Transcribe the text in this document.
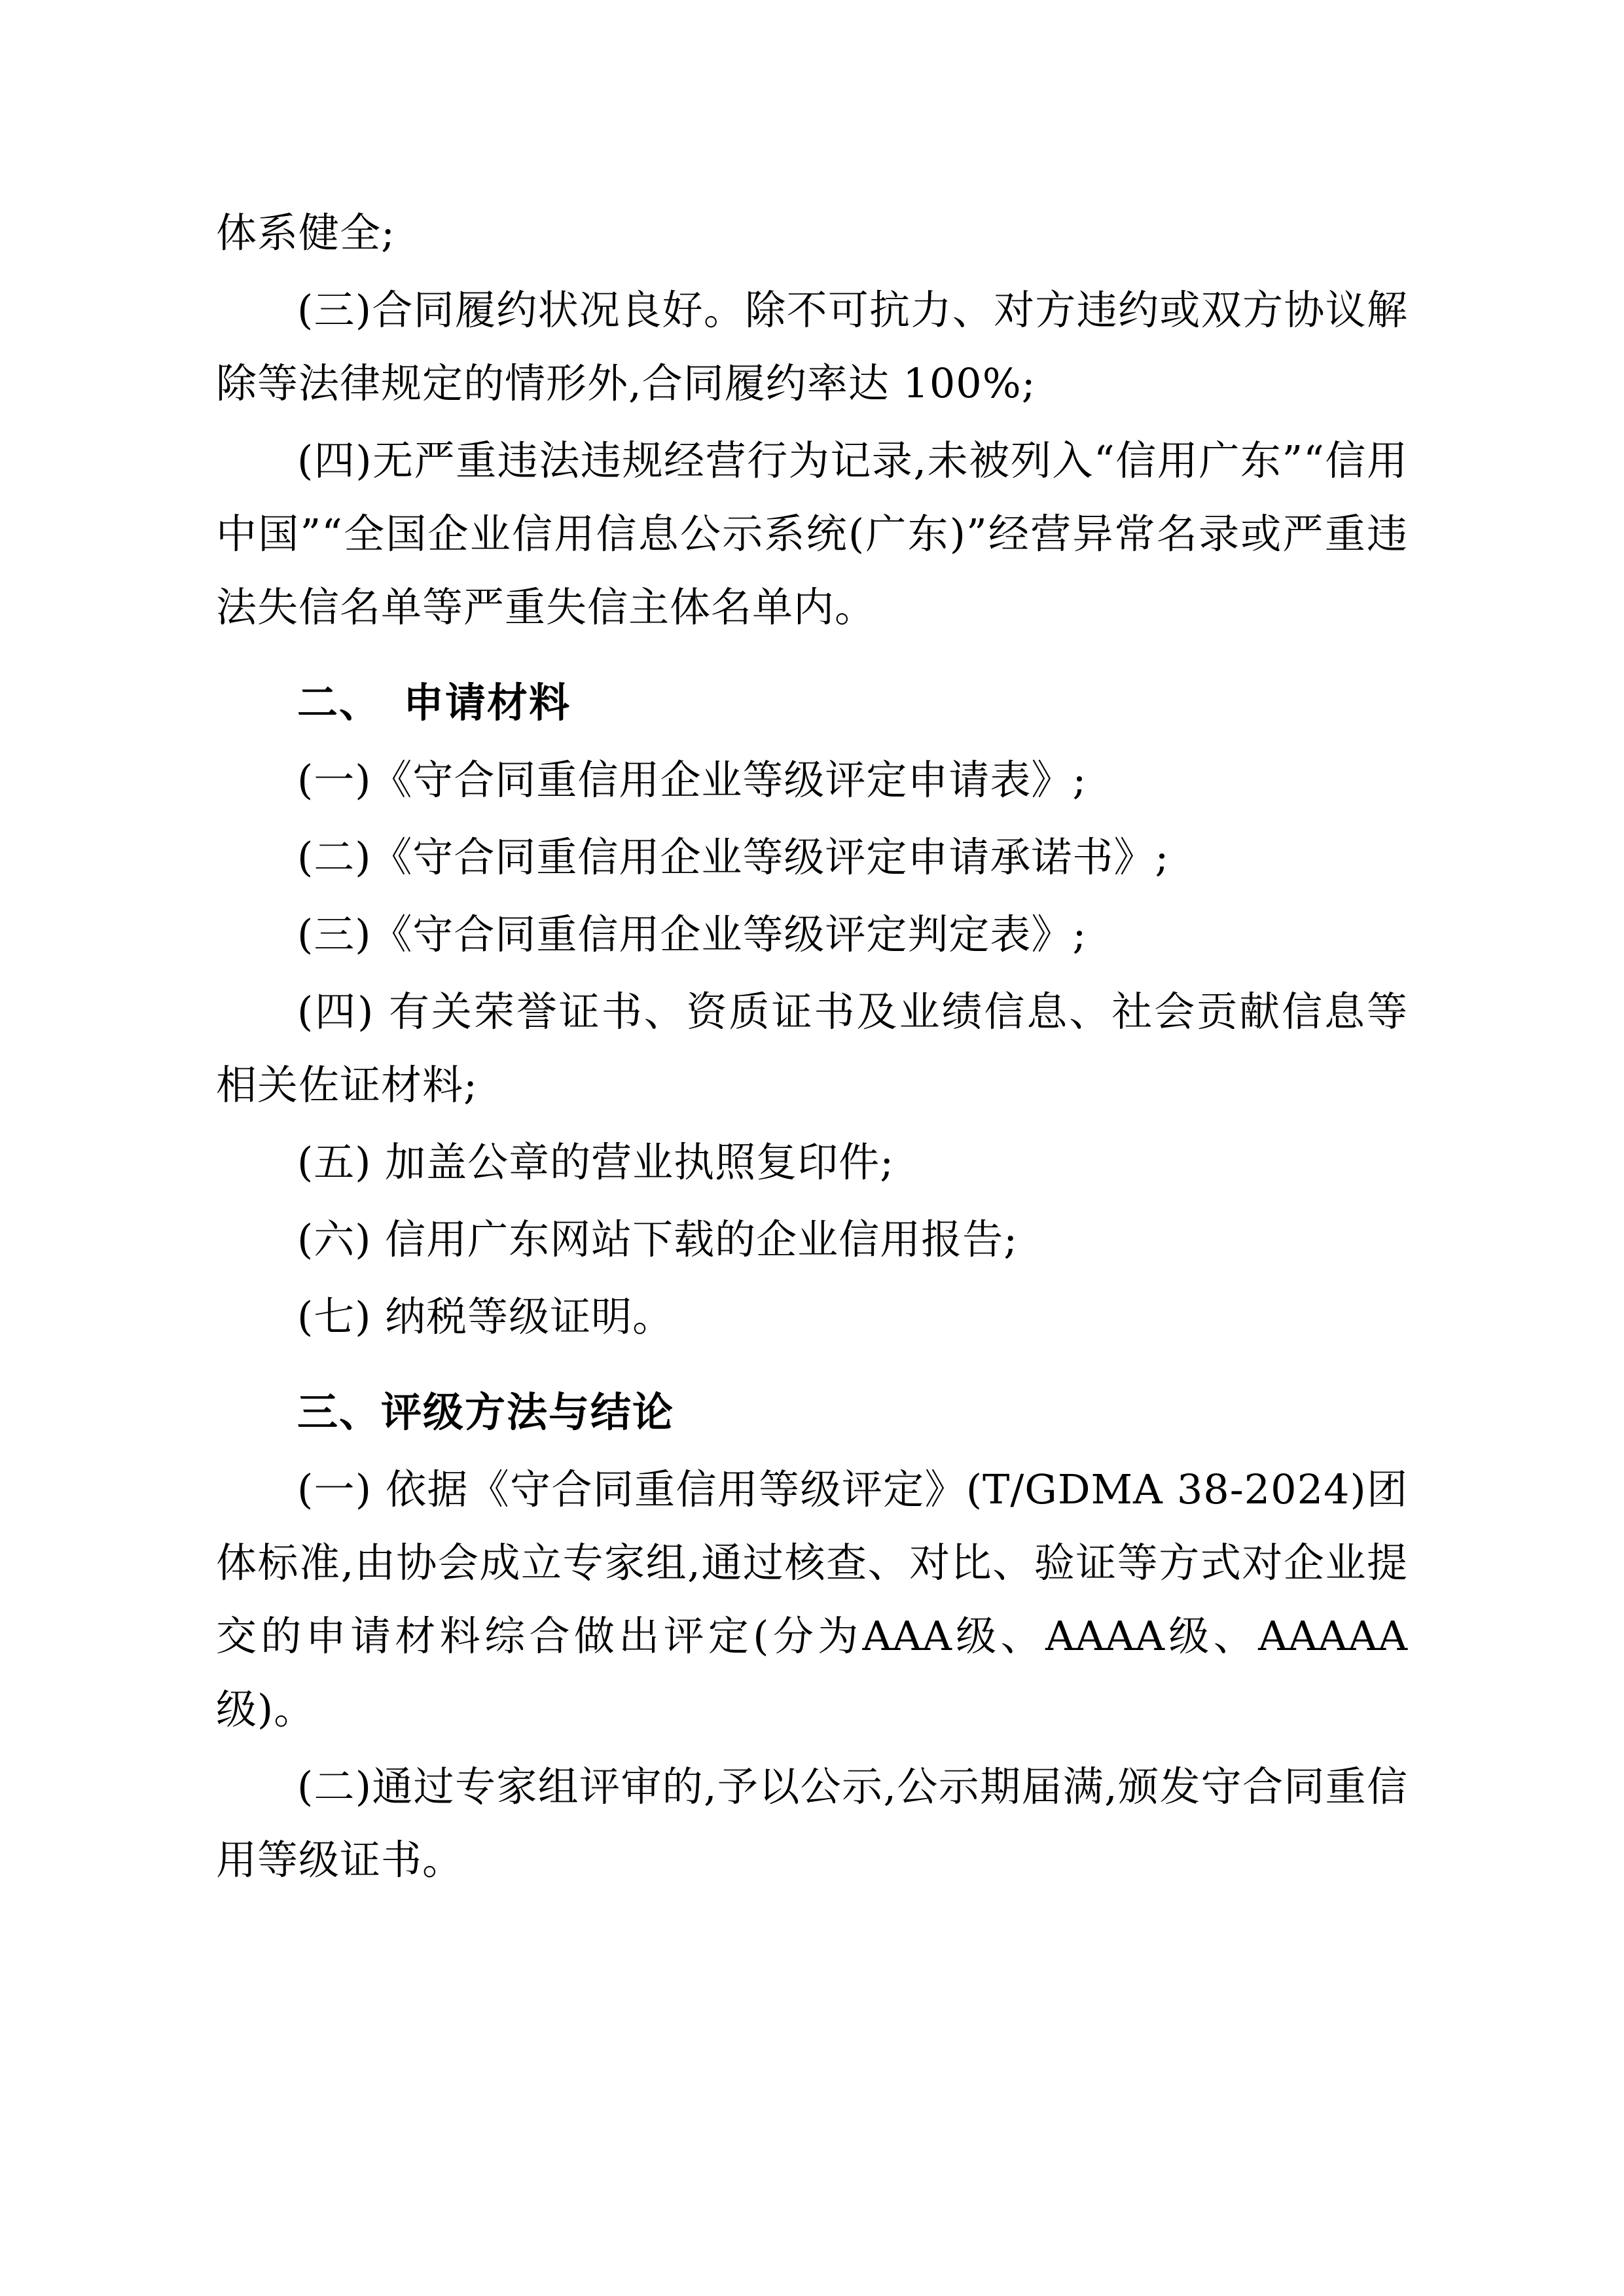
体系健全;

(三)合同履约状况良好。除不可抗力、对方违约或双方协议解除等法律规定的情形外,合同履约率达 100%;

(四)无严重违法违规经营行为记录,未被列入“信用广东”“信用中国”“全国企业信用信息公示系统(广东)”经营异常名录或严重违法失信名单等严重失信主体名单内。

二、 申请材料

(一)《守合同重信用企业等级评定申请表》;

(二)《守合同重信用企业等级评定申请承诺书》;

(三)《守合同重信用企业等级评定判定表》;

(四) 有关荣誉证书、资质证书及业绩信息、社会贡献信息等相关佐证材料;

(五) 加盖公章的营业执照复印件;

(六) 信用广东网站下载的企业信用报告;

(七) 纳税等级证明。

三、评级方法与结论

(一) 依据《守合同重信用等级评定》(T/GDMA 38-2024)团体标准,由协会成立专家组,通过核查、对比、验证等方式对企业提交的申请材料综合做出评定(分为AAA级、AAAA级、AAAAA级)。

(二)通过专家组评审的,予以公示,公示期届满,颁发守合同重信用等级证书。
